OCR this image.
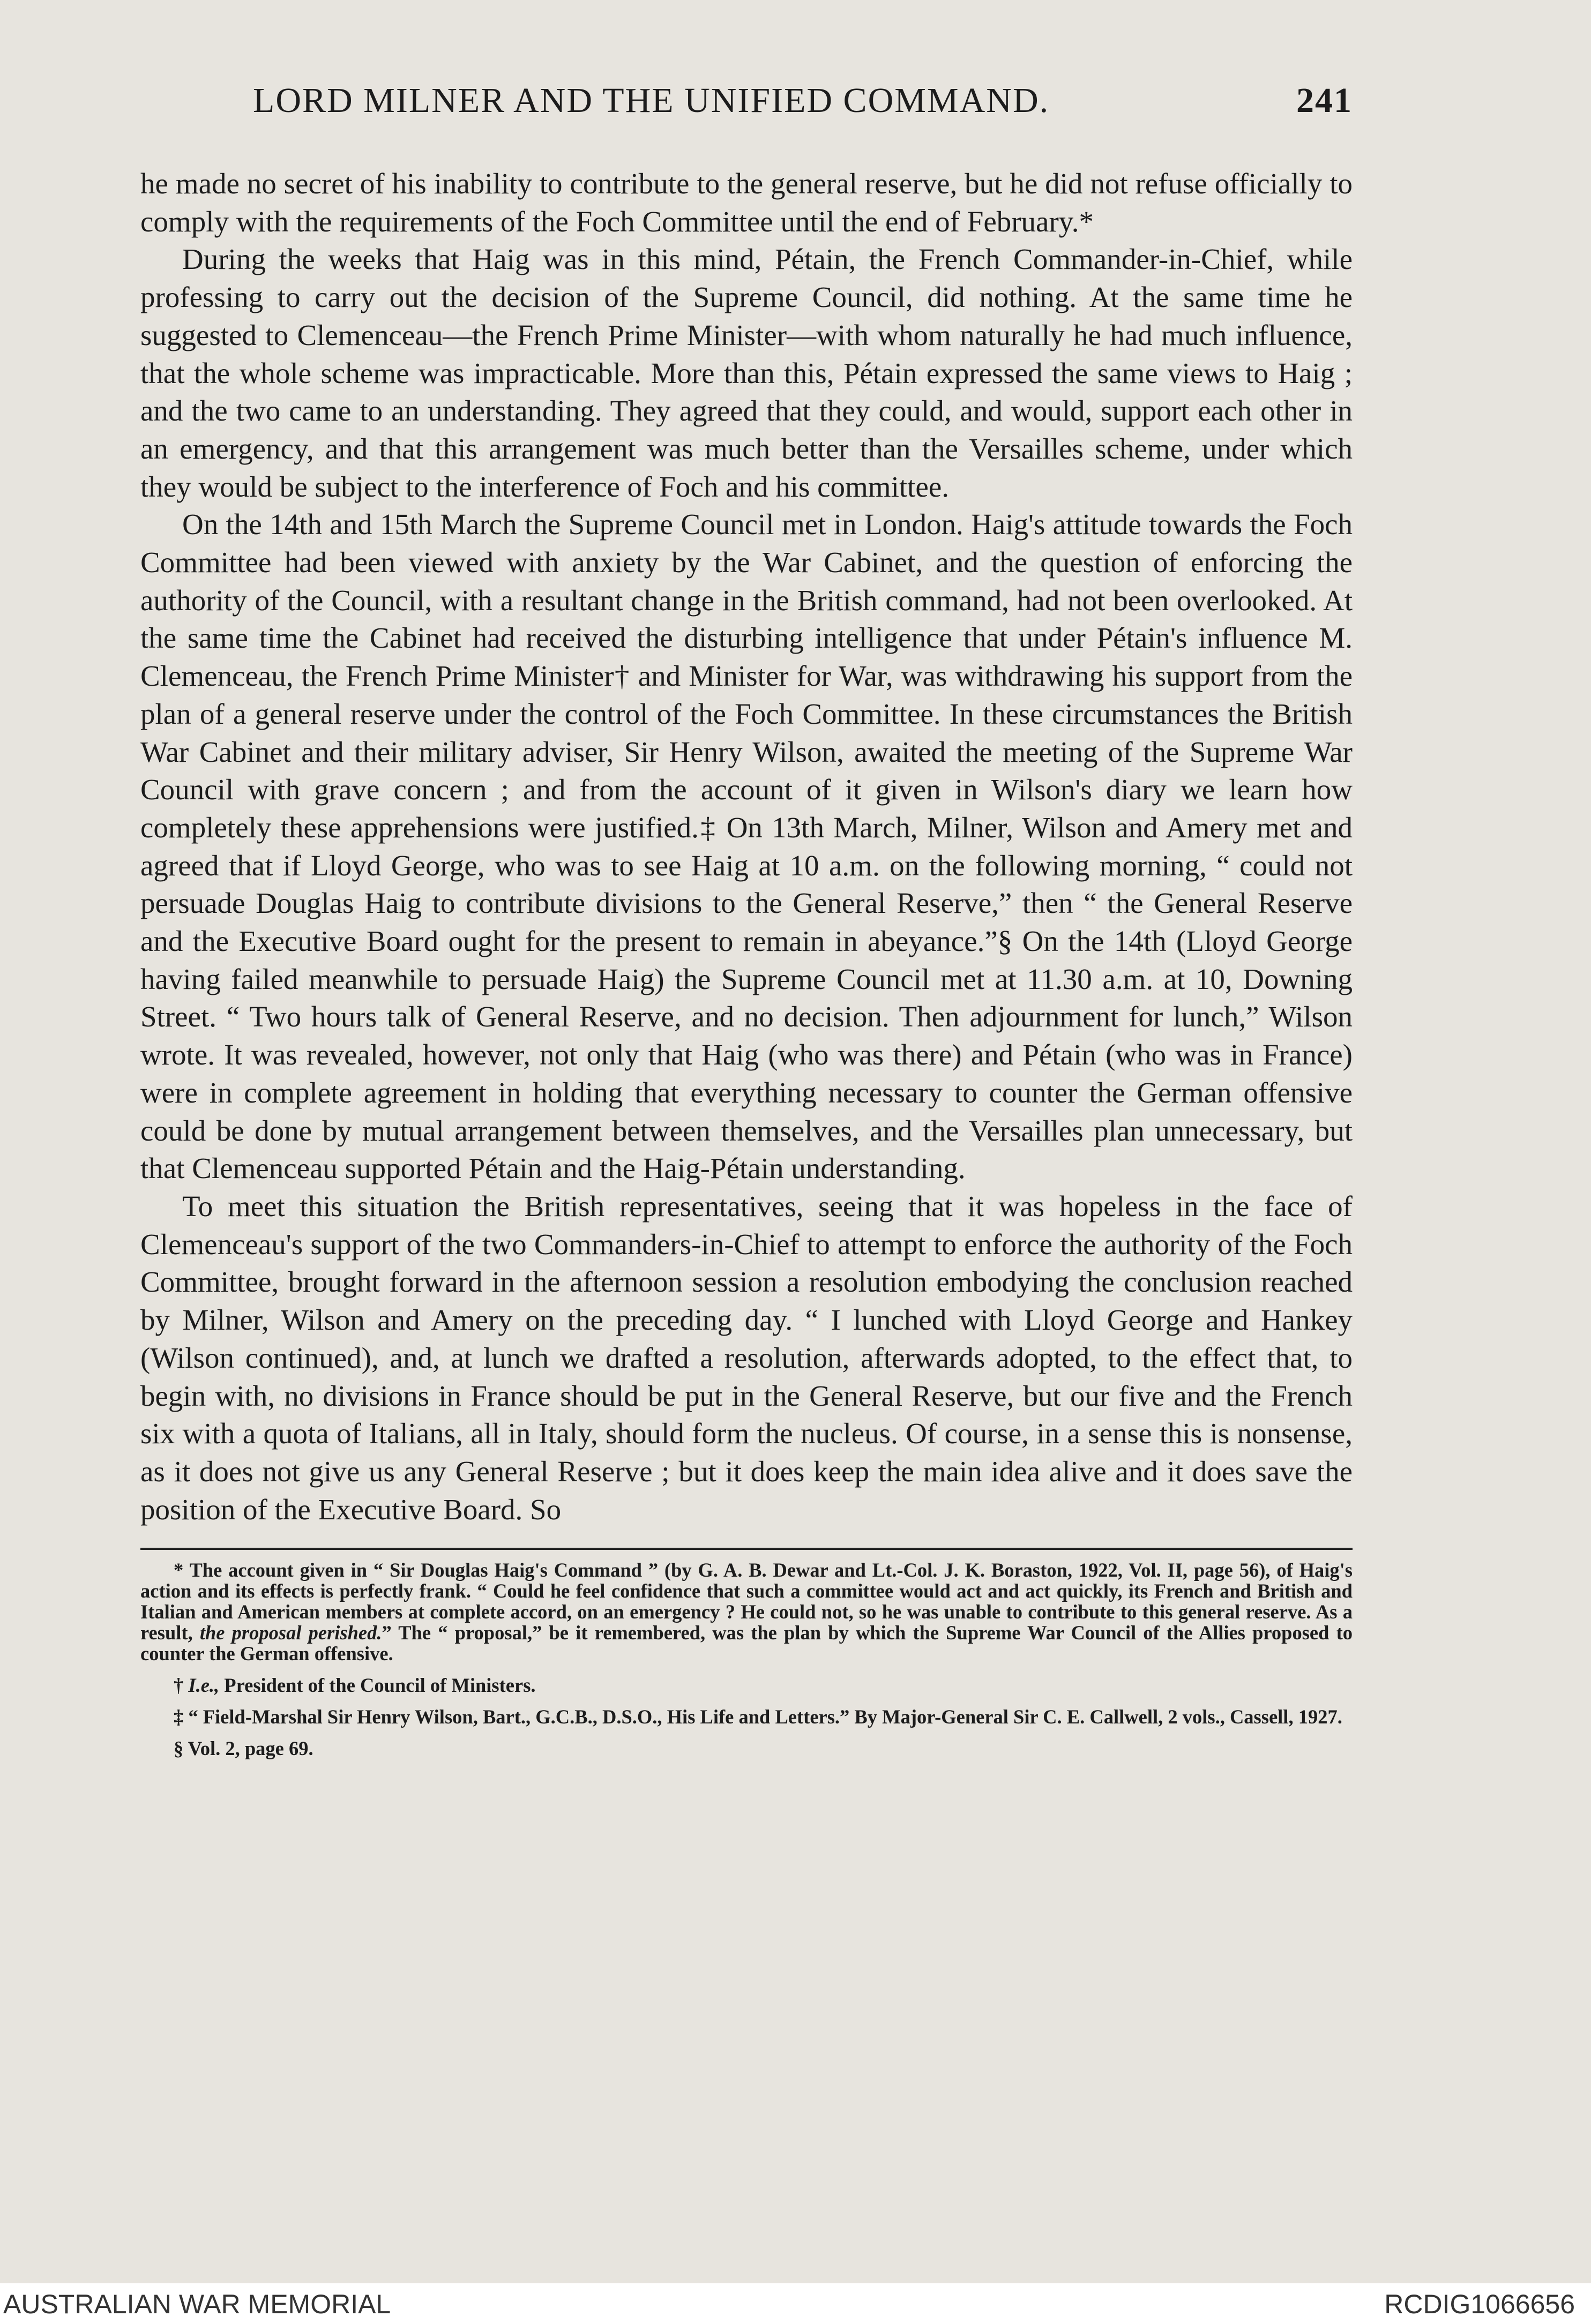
LORD MILNER AND THE UNIFIED COMMAND.	241

he made no secret of his inability to contribute to the general reserve, but he did not refuse officially to comply with the requirements of the Foch Committee until the end of February.*

During the weeks that Haig was in this mind, Pétain, the French Commander-in-Chief, while professing to carry out the decision of the Supreme Council, did nothing. At the same time he suggested to Clemenceau—the French Prime Minister—with whom naturally he had much influence, that the whole scheme was impracticable. More than this, Pétain expressed the same views to Haig ; and the two came to an understanding. They agreed that they could, and would, support each other in an emergency, and that this arrangement was much better than the Versailles scheme, under which they would be subject to the interference of Foch and his committee.

On the 14th and 15th March the Supreme Council met in London. Haig's attitude towards the Foch Committee had been viewed with anxiety by the War Cabinet, and the question of enforcing the authority of the Council, with a resultant change in the British command, had not been overlooked. At the same time the Cabinet had received the disturbing intelligence that under Pétain's influence M. Clemenceau, the French Prime Minister† and Minister for War, was withdrawing his support from the plan of a general reserve under the control of the Foch Committee. In these circumstances the British War Cabinet and their military adviser, Sir Henry Wilson, awaited the meeting of the Supreme War Council with grave concern ; and from the account of it given in Wilson's diary we learn how completely these apprehensions were justified.‡ On 13th March, Milner, Wilson and Amery met and agreed that if Lloyd George, who was to see Haig at 10 a.m. on the following morning, “ could not persuade Douglas Haig to contribute divisions to the General Reserve,” then “ the General Reserve and the Executive Board ought for the present to remain in abeyance.”§ On the 14th (Lloyd George having failed meanwhile to persuade Haig) the Supreme Council met at 11.30 a.m. at 10, Downing Street. “ Two hours talk of General Reserve, and no decision. Then adjournment for lunch,” Wilson wrote. It was revealed, however, not only that Haig (who was there) and Pétain (who was in France) were in complete agreement in holding that everything necessary to counter the German offensive could be done by mutual arrangement between themselves, and the Versailles plan unnecessary, but that Clemenceau supported Pétain and the Haig-Pétain understanding.

To meet this situation the British representatives, seeing that it was hopeless in the face of Clemenceau's support of the two Commanders-in-Chief to attempt to enforce the authority of the Foch Committee, brought forward in the afternoon session a resolution embodying the conclusion reached by Milner, Wilson and Amery on the preceding day. “ I lunched with Lloyd George and Hankey (Wilson continued), and, at lunch we drafted a resolution, afterwards adopted, to the effect that, to begin with, no divisions in France should be put in the General Reserve, but our five and the French six with a quota of Italians, all in Italy, should form the nucleus. Of course, in a sense this is nonsense, as it does not give us any General Reserve ; but it does keep the main idea alive and it does save the position of the Executive Board. So

* The account given in “ Sir Douglas Haig's Command ” (by G. A. B. Dewar and Lt.-Col. J. K. Boraston, 1922, Vol. II, page 56), of Haig's action and its effects is perfectly frank. “ Could he feel confidence that such a committee would act and act quickly, its French and British and Italian and American members at complete accord, on an emergency ? He could not, so he was unable to contribute to this general reserve. As a result, the proposal perished.” The “ proposal,” be it remembered, was the plan by which the Supreme War Council of the Allies proposed to counter the German offensive.

† I.e., President of the Council of Ministers.

‡ “ Field-Marshal Sir Henry Wilson, Bart., G.C.B., D.S.O., His Life and Letters.” By Major-General Sir C. E. Callwell, 2 vols., Cassell, 1927.

§ Vol. 2, page 69.

AUSTRALIAN WAR MEMORIAL	RCDIG1066656
